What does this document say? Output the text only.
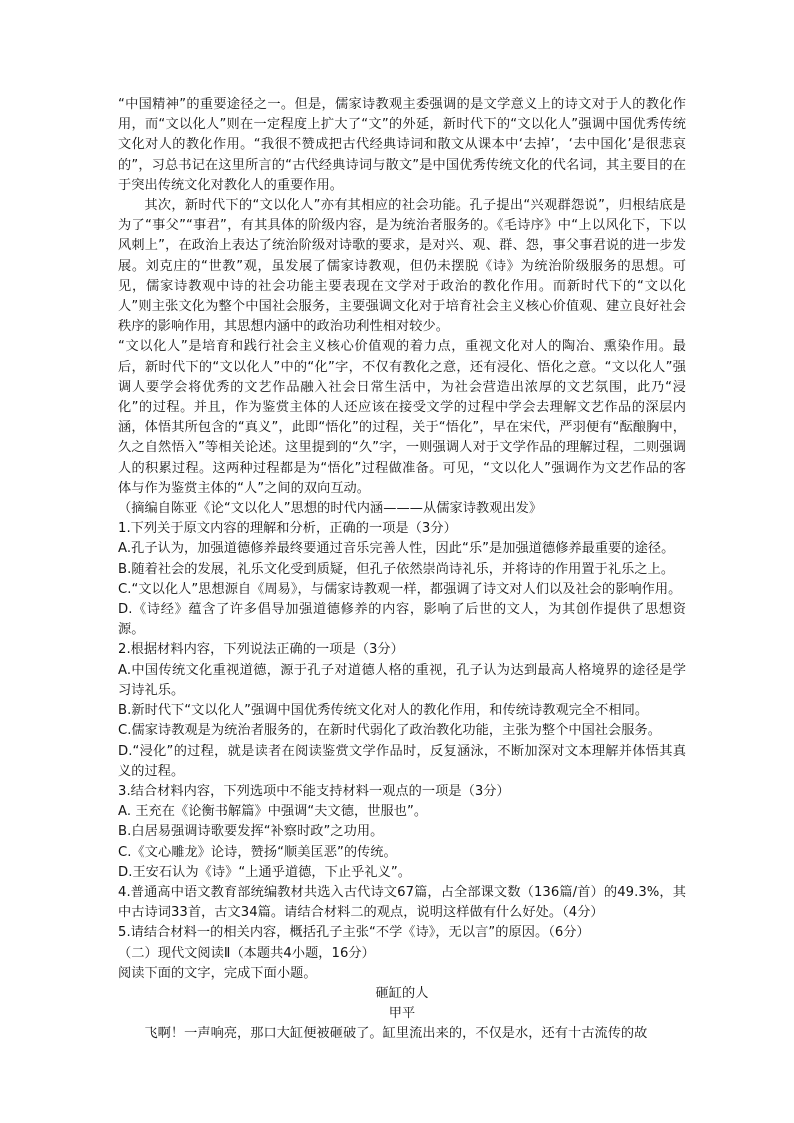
“中国精神”的重要途径之一。但是，儒家诗教观主委强调的是文学意义上的诗文对于人的教化作用，而“文以化人”则在一定程度上扩大了“文”的外延，新时代下的“文以化人”强调中国优秀传统文化对人的教化作用。“我很不赞成把古代经典诗词和散文从课本中‘去掉’，‘去中国化’是很悲哀的”，习总书记在这里所言的“古代经典诗词与散文”是中国优秀传统文化的代名词，其主要目的在于突出传统文化对教化人的重要作用。

其次，新时代下的“文以化人”亦有其相应的社会功能。孔子提出“兴观群怨说”，归根结底是为了“事父”“事君”，有其具体的阶级内容，是为统治者服务的。《毛诗序》中“上以风化下，下以风刺上”，在政治上表达了统治阶级对诗歌的要求，是对兴、观、群、怨，事父事君说的进一步发展。刘克庄的“世教”观，虽发展了儒家诗教观，但仍未摆脱《诗》为统治阶级服务的思想。可见，儒家诗教观中诗的社会功能主要表现在文学对于政治的教化作用。而新时代下的“文以化人”则主张文化为整个中国社会服务，主要强调文化对于培育社会主义核心价值观、建立良好社会秩序的影响作用，其思想内涵中的政治功利性相对较少。

“文以化人”是培育和践行社会主义核心价值观的着力点，重视文化对人的陶冶、熏染作用。最后，新时代下的“文以化人”中的“化”字，不仅有教化之意，还有浸化、悟化之意。“文以化人”强调人要学会将优秀的文艺作品融入社会日常生活中，为社会营造出浓厚的文艺氛围，此乃“浸化”的过程。并且，作为鉴赏主体的人还应该在接受文学的过程中学会去理解文艺作品的深层内涵，体悟其所包含的“真义”，此即“悟化”的过程，关于“悟化”，早在宋代，严羽便有“酝酿胸中，久之自然悟入”等相关论述。这里提到的“久”字，一则强调人对于文学作品的理解过程，二则强调人的积累过程。这两种过程都是为“悟化”过程做准备。可见，“文以化人”强调作为文艺作品的客体与作为鉴赏主体的“人”之间的双向互动。

（摘编自陈亚《论“文以化人”思想的时代内涵———从儒家诗教观出发》

1.下列关于原文内容的理解和分析，正确的一项是（3分）

A.孔子认为，加强道德修养最终要通过音乐完善人性，因此“乐”是加强道德修养最重要的途径。

B.随着社会的发展，礼乐文化受到质疑，但孔子依然崇尚诗礼乐，并将诗的作用置于礼乐之上。

C.“文以化人”思想源自《周易》，与儒家诗教观一样，都强调了诗文对人们以及社会的影响作用。

D.《诗经》蕴含了许多倡导加强道德修养的内容，影响了后世的文人，为其创作提供了思想资源。

2.根据材料内容，下列说法正确的一项是（3分）

A.中国传统文化重视道德，源于孔子对道德人格的重视，孔子认为达到最高人格境界的途径是学习诗礼乐。

B.新时代下“文以化人”强调中国优秀传统文化对人的教化作用，和传统诗教观完全不相同。

C.儒家诗教观是为统治者服务的，在新时代弱化了政治教化功能，主张为整个中国社会服务。

D.“浸化”的过程，就是读者在阅读鉴赏文学作品时，反复涵泳，不断加深对文本理解并体悟其真义的过程。

3.结合材料内容，下列选项中不能支持材料一观点的一项是（3分）

A. 王充在《论衡书解篇》中强调“夫文德，世服也”。

B.白居易强调诗歌要发挥“补察时政”之功用。

C.《文心雕龙》论诗，赞扬“顺美匡恶”的传统。

D.王安石认为《诗》“上通乎道德，下止乎礼义”。

4.普通高中语文教育部统编教材共选入古代诗文67篇，占全部课文数（136篇/首）的49.3%，其中古诗词33首，古文34篇。请结合材料二的观点，说明这样做有什么好处。（4分）

5.请结合材料一的相关内容，概括孔子主张“不学《诗》，无以言”的原因。（6分）

（二）现代文阅读Ⅱ（本题共4小题，16分）

阅读下面的文字，完成下面小题。

砸缸的人

甲平

飞啊！一声响亮，那口大缸便被砸破了。缸里流出来的，不仅是水，还有十古流传的故
